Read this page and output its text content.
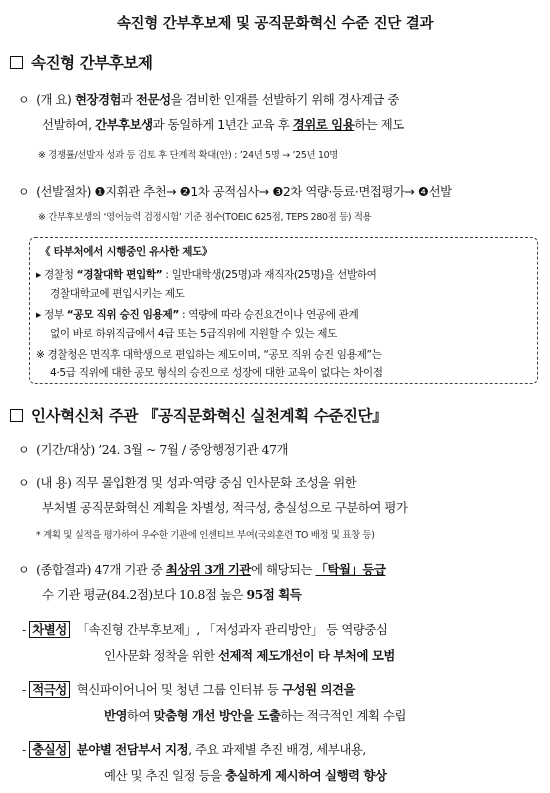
속진형 간부후보제 및 공직문화혁신 수준 진단 결과
속진형 간부후보제
ㅇ (개 요) 현장경험과 전문성을 겸비한 인재를 선발하기 위해 경사계급 중
선발하여, 간부후보생과 동일하게 1년간 교육 후 경위로 임용하는 제도
※ 경쟁률/선발자 성과 등 검토 후 단계적 확대(안) : ’24년 5명 → ’25년 10명
ㅇ (선발절차) ❶지휘관 추천→ ❷1차 공적심사→ ❸2차 역량·등료·면접평가→ ❹선발
※ 간부후보생의 ‘영어능력 검정시험’ 기준 점수(TOEIC 625점, TEPS 280점 등) 적용
《 타부처에서 시행중인 유사한 제도》
▸ 경찰청 “경찰대학 편입학” : 일반대학생(25명)과 재직자(25명)을 선발하여
경찰대학교에 편입시키는 제도
▸ 정부 “공모 직위 승진 임용제” : 역량에 따라 승진요건이나 연공에 관계
없이 바로 하위직급에서 4급 또는 5급직위에 지원할 수 있는 제도
※ 경찰청은 면직후 대학생으로 편입하는 제도이며, “공모 직위 승진 임용제”는
4·5급 직위에 대한 공모 형식의 승진으로 성장에 대한 교육이 없다는 차이점
인사혁신처 주관 『공직문화혁신 실천계획 수준진단』
ㅇ (기간/대상) ’24. 3월 ~ 7월 / 중앙행정기관 47개
ㅇ (내 용) 직무 몰입환경 및 성과·역량 중심 인사문화 조성을 위한
부처별 공직문화혁신 계획을 차별성, 적극성, 충실성으로 구분하여 평가
* 계획 및 실적을 평가하여 우수한 기관에 인센티브 부여(국외훈련 TO 배정 및 표창 등)
ㅇ (종합결과) 47개 기관 중 최상위 3개 기관에 해당되는 「탁월」등급
수 기관 평균(84.2점)보다 10.8점 높은 95점 획득
- 차별성 「속진형 간부후보제」, 「저성과자 관리방안」 등 역량중심
인사문화 정착을 위한 선제적 제도개선이 타 부처에 모범
- 적극성 혁신파이어니어 및 청년 그룹 인터뷰 등 구성원 의견을
반영하여 맞춤형 개선 방안을 도출하는 적극적인 계획 수립
- 충실성 분야별 전담부서 지정, 주요 과제별 추진 배경, 세부내용,
예산 및 추진 일정 등을 충실하게 제시하여 실행력 향상
